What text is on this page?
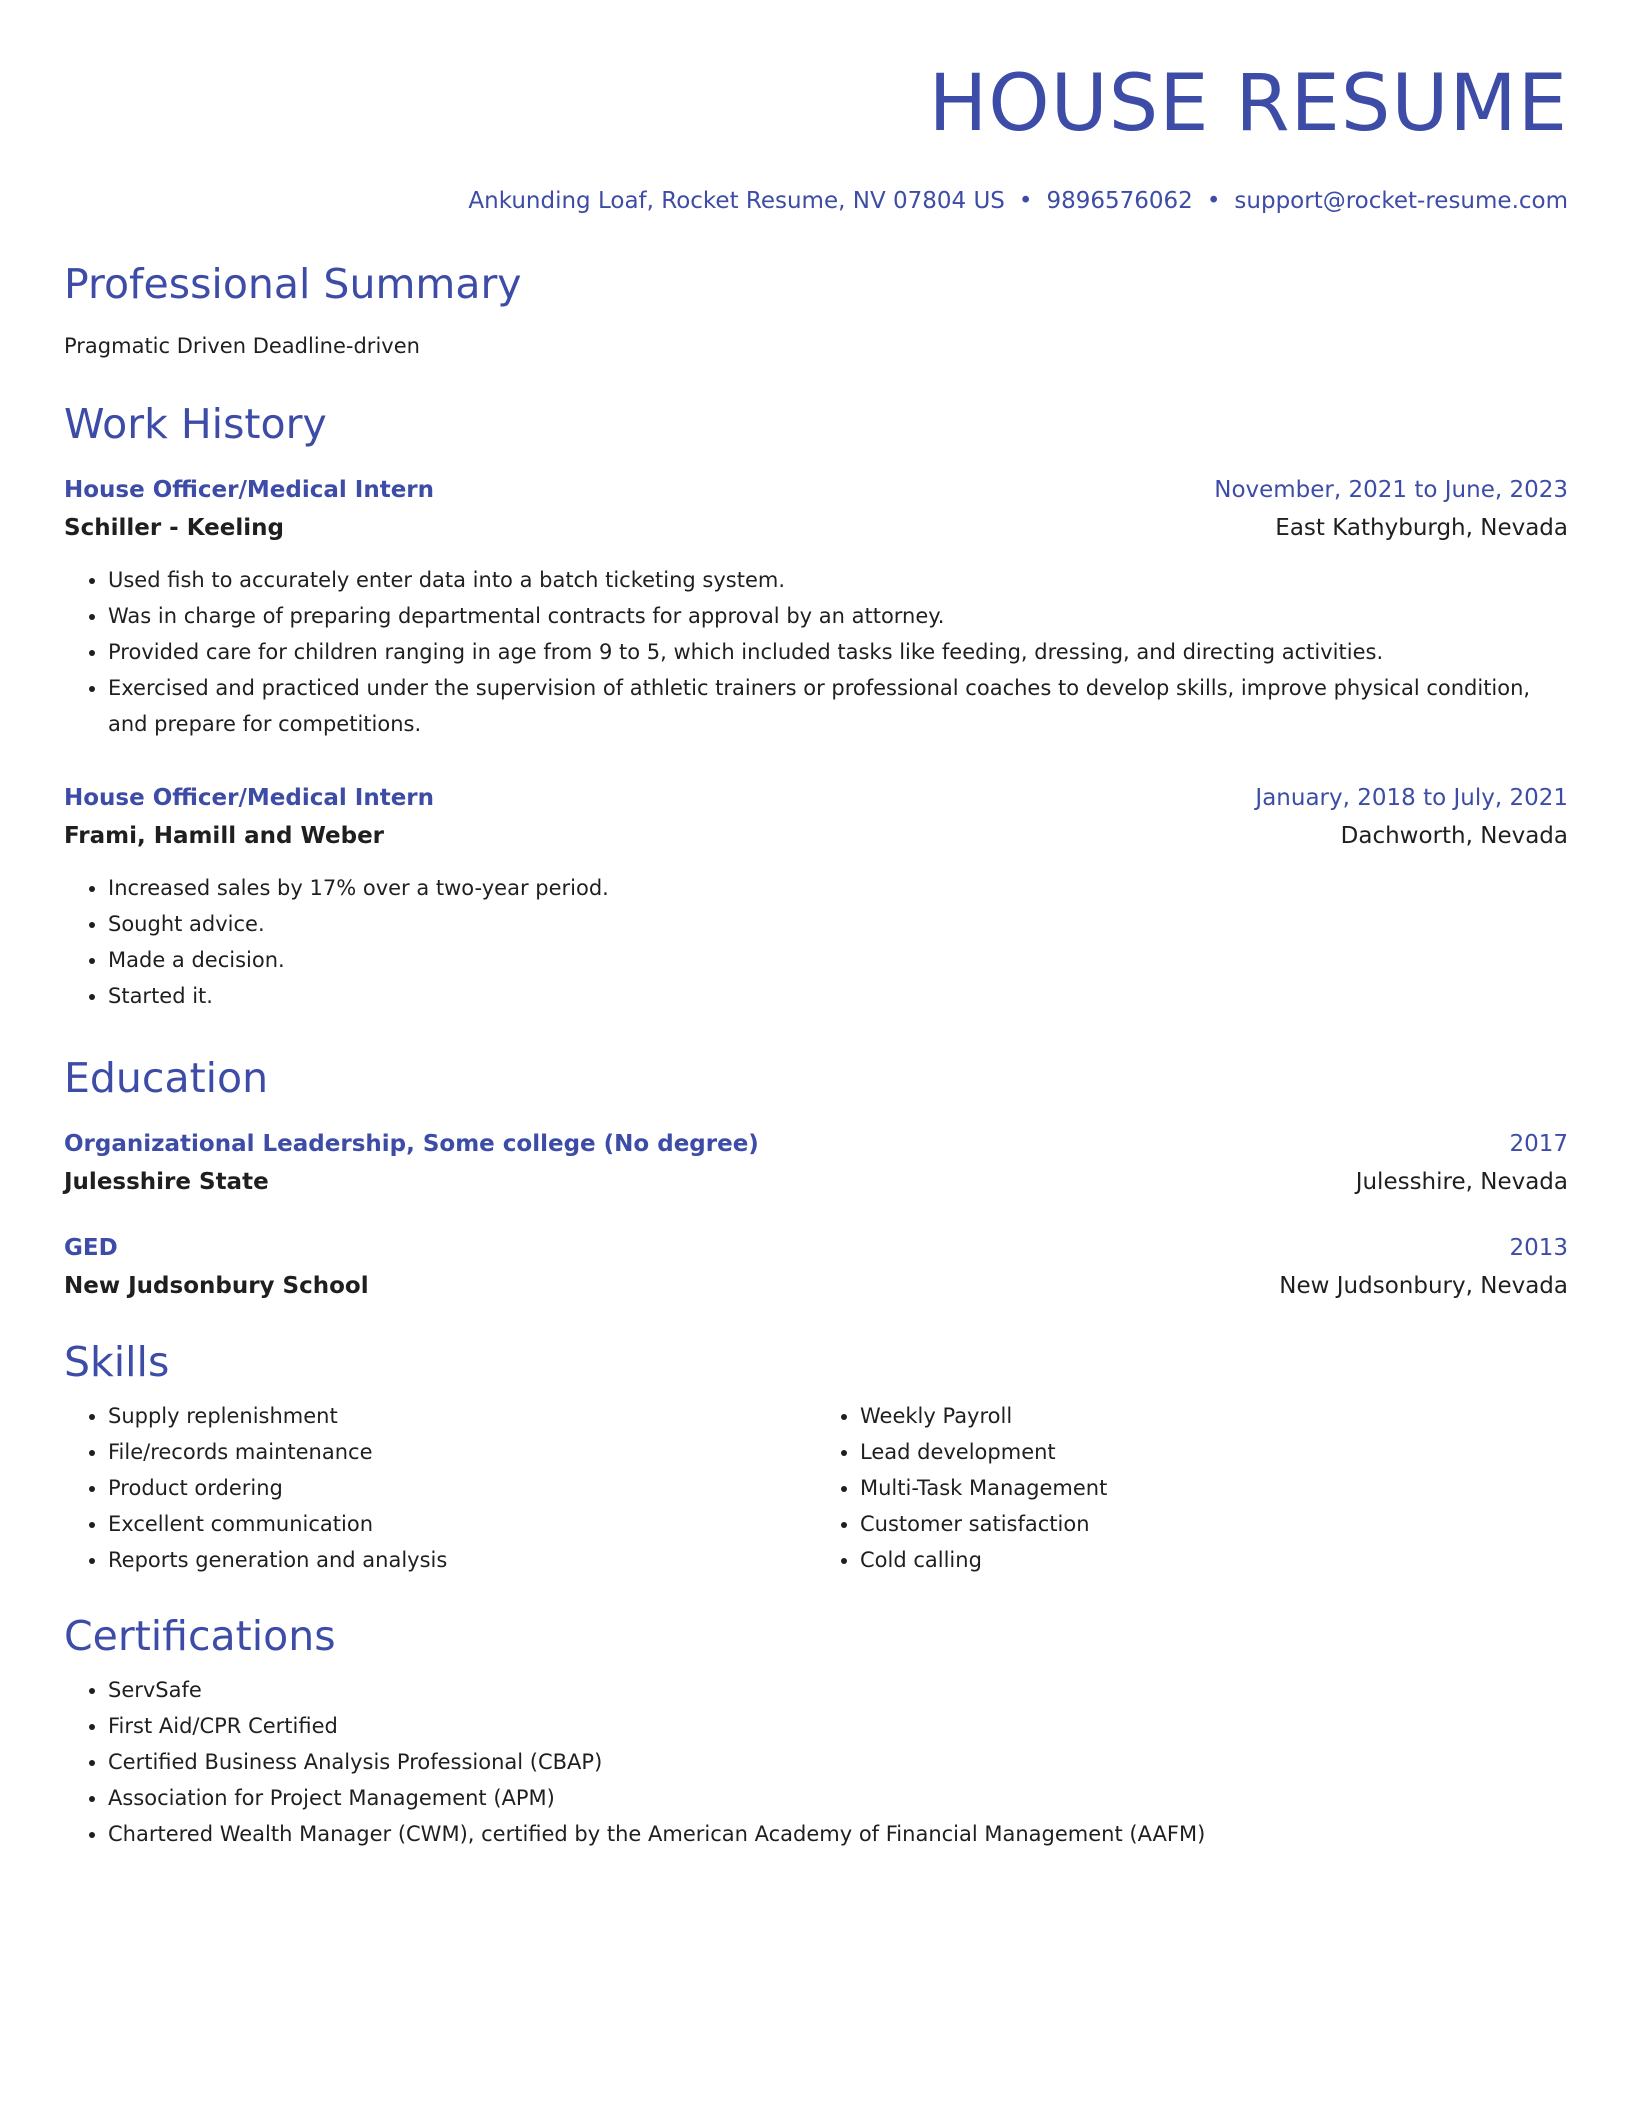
HOUSE RESUME
Ankunding Loaf, Rocket Resume, NV 07804 US • 9896576062 • support@rocket-resume.com
Professional Summary
Pragmatic Driven Deadline-driven
Work History
House Officer/Medical Intern	November, 2021 to June, 2023
Schiller - Keeling	East Kathyburgh, Nevada
• Used fish to accurately enter data into a batch ticketing system.
• Was in charge of preparing departmental contracts for approval by an attorney.
• Provided care for children ranging in age from 9 to 5, which included tasks like feeding, dressing, and directing activities.
• Exercised and practiced under the supervision of athletic trainers or professional coaches to develop skills, improve physical condition, and prepare for competitions.
House Officer/Medical Intern	January, 2018 to July, 2021
Frami, Hamill and Weber	Dachworth, Nevada
• Increased sales by 17% over a two-year period.
• Sought advice.
• Made a decision.
• Started it.
Education
Organizational Leadership, Some college (No degree)	2017
Julesshire State	Julesshire, Nevada
GED	2013
New Judsonbury School	New Judsonbury, Nevada
Skills
• Supply replenishment
• File/records maintenance
• Product ordering
• Excellent communication
• Reports generation and analysis
• Weekly Payroll
• Lead development
• Multi-Task Management
• Customer satisfaction
• Cold calling
Certifications
• ServSafe
• First Aid/CPR Certified
• Certified Business Analysis Professional (CBAP)
• Association for Project Management (APM)
• Chartered Wealth Manager (CWM), certified by the American Academy of Financial Management (AAFM)
